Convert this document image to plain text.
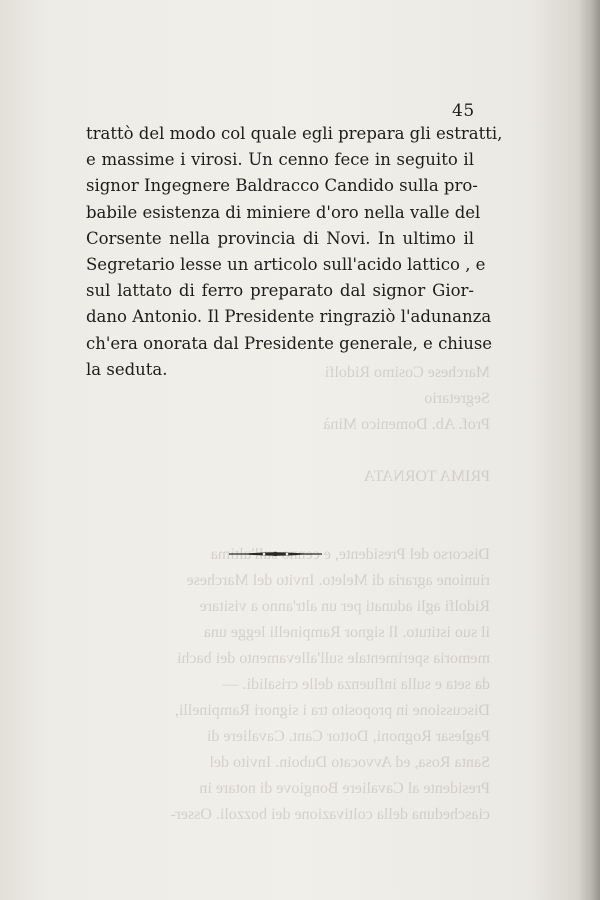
Marchese Cosimo Ridolfi
Segretario
Prof. Ab. Domenico Minà

PRIMA TORNATA

Discorso del Presidente, e cenno sull'ultima
riunione agraria di Meleto. Invito del Marchese
Ridolfi agli adunati per un altr'anno a visitare
il suo istituto. Il signor Rampinelli legge una
memoria sperimentale sull'allevamento dei bachi
da seta e sulla influenza delle crisalidi. —
Discussione in proposito tra i signori Rampinelli,
Paglesar Rognoni, Dottor Cant. Cavaliere di
Santa Rosa, ed Avvocato Duboin. Invito del
Presidente al Cavaliere Bongiove di notare in
ciascheduna della coltivazione dei bozzoli. Osser-
45
trattò del modo col quale egli prepara gli estratti,
e massime i virosi. Un cenno fece in seguito il
signor Ingegnere Baldracco Candido sulla pro-
babile esistenza di miniere d'oro nella valle del
Corsente nella provincia di Novi. In ultimo il
Segretario lesse un articolo sull'acido lattico , e
sul lattato di ferro preparato dal signor Gior-
dano Antonio. Il Presidente ringraziò l'adunanza
ch'era onorata dal Presidente generale, e chiuse
la seduta.
